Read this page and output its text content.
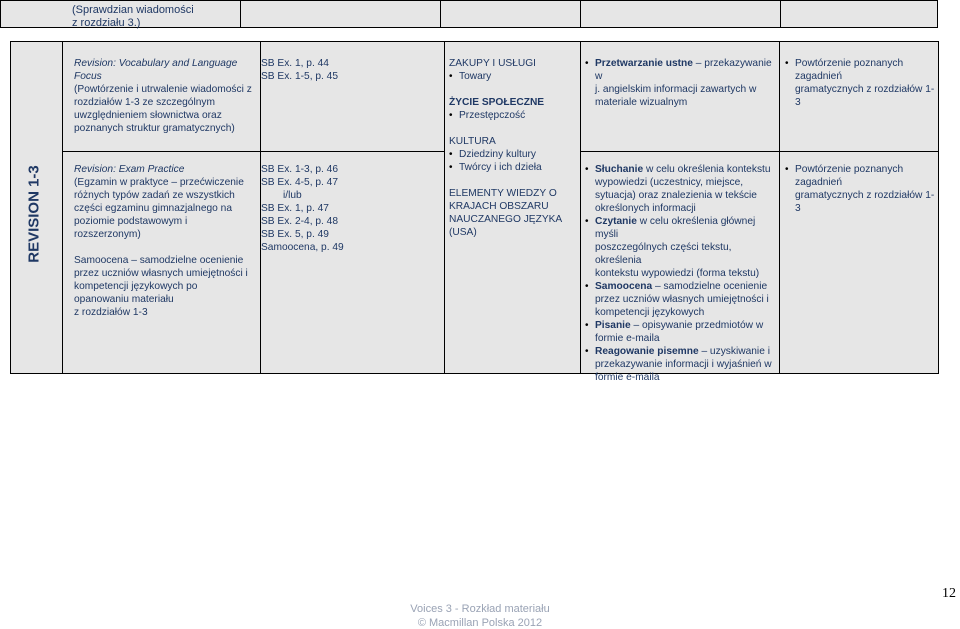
(Sprawdzian wiadomości
z rozdziału 3.)
REVISION 1-3
Revision: Vocabulary and Language
Focus
(Powtórzenie i utrwalenie wiadomości z
rozdziałów 1-3 ze szczególnym
uwzględnieniem słownictwa oraz
poznanych struktur gramatycznych)
SB Ex. 1, p. 44
SB Ex. 1-5, p. 45
ZAKUPY I USŁUGI
• Towary
ŻYCIE SPOŁECZNE
• Przestępczość
KULTURA
• Dziedziny kultury
• Twórcy i ich dzieła
ELEMENTY WIEDZY O
KRAJACH OBSZARU
NAUCZANEGO JĘZYKA
(USA)
• Przetwarzanie ustne – przekazywanie w
j. angielskim informacji zawartych w
materiale wizualnym
• Powtórzenie poznanych zagadnień
gramatycznych z rozdziałów 1-3
Revision: Exam Practice
(Egzamin w praktyce – przećwiczenie
różnych typów zadań ze wszystkich
części egzaminu gimnazjalnego na
poziomie podstawowym i
rozszerzonym)
Samoocena – samodzielne ocenienie
przez uczniów własnych umiejętności i
kompetencji językowych po
opanowaniu materiału
z rozdziałów 1-3
SB Ex. 1-3, p. 46
SB Ex. 4-5, p. 47
i/lub
SB Ex. 1, p. 47
SB Ex. 2-4, p. 48
SB Ex. 5, p. 49
Samoocena, p. 49
• Słuchanie w celu określenia kontekstu
wypowiedzi (uczestnicy, miejsce,
sytuacja) oraz znalezienia w tekście
określonych informacji
• Czytanie w celu określenia głównej myśli
poszczególnych części tekstu, określenia
kontekstu wypowiedzi (forma tekstu)
• Samoocena – samodzielne ocenienie
przez uczniów własnych umiejętności i
kompetencji językowych
• Pisanie – opisywanie przedmiotów w
formie e-maila
• Reagowanie pisemne – uzyskiwanie i
przekazywanie informacji i wyjaśnień w
formie e-maila
• Powtórzenie poznanych zagadnień
gramatycznych z rozdziałów 1-3
Voices 3 - Rozkład materiału
© Macmillan Polska 2012
12
